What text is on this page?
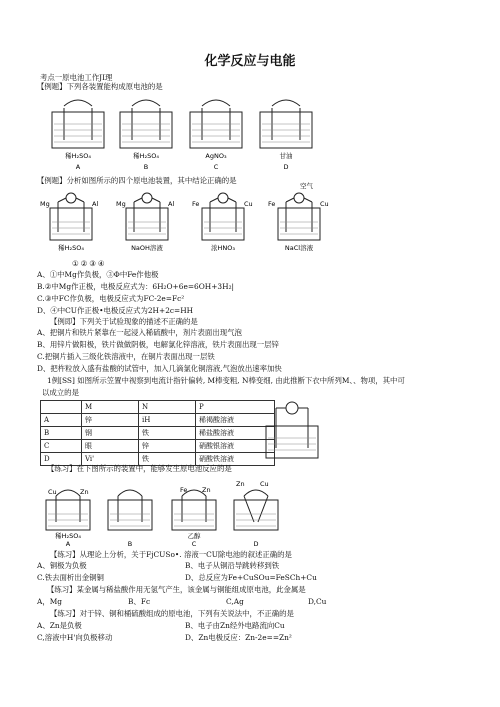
化学反应与电能
考点一原电池工作JI理
【例题】下列各装置能构成原电池的是
稀H₂SO₄	稀H₂SO₄	AgNO₃	甘油
A	B	C	D
【例题】分析如图所示的四个原电池装置，其中结论正确的是
空气
Mg	Al	Mg	Al	Fe	Cu Fe	Cu
稀H₂SO₄	NaOH溶液	浓HNO₃	NaCl溶液
①②③④
A、①中Mg作负极，③Φ中Fe作他极
B.②中Mg作正极，电极反应式为：6H₂O+6e=6OH+3H₂|
C.③中FC作负极，电极反应式为FC-2e=Fc²
D、④中CU作正极•电极反应式为2H+2c=HH
【例即】下列关于试验现象的描述不正确的是
A、把铜片和铁片紧靠在一起浸入稀硫酸中，剂片表面出现气泡
B、用锌片做阳极，铁片做做阴极，电解氯化锌溶液，铁片表面出现一层锌
C.把铜片插入三级化铁溶液中，在铜片表面出现一层铁
D、把杵粒放入盛有盐酸的试管中，加入几滴氯化铜溶液,气泡放出速率加快
1例[SS] 如图所示笠置中视察到电流计指针偏转, M棒变粗, N棒变细, 由此推断下衣中所列M、、物项，其中可
以成立的是
	M	N	P
A	锌	iH	稀褐酸溶液
B	钢	铁	稀盐酸溶液
C	眼	锌	硝酸银溶液
D	Vi'	铁	硝酸铁溶液
【练习】在下图所示的装置中，能够发生原电池反应的是
Cu	Zn	Fe Zn
Zn Cu
稀H₂SO₄	乙醇
A	B	C	D
【练习】从理论上分析，关于FjCUSo•. 溶液一CU除电池的叙述正确的是
A、铜极为负极	B、电子从铜沿导跳转移到铁
C.铁去面析出金铜铜	D、总反应为Fe+CuSOu=FeSCh+Cu
【练习】某金属与稀盐酸作用无氢气产生，该金属与铜能组成原电池，此金属是
A，Mg	B、Fc	C,Ag	D,Cu
【练习】对于锌、铜和桶硫酸组成的原电池，下列有关说法中，不正确的是
A、Zn是负极	B、电子由Zn经外电路流向Cu
C,溶液中H'向负极移动	D、Zn电极反应：Zn-2e==Zn²
